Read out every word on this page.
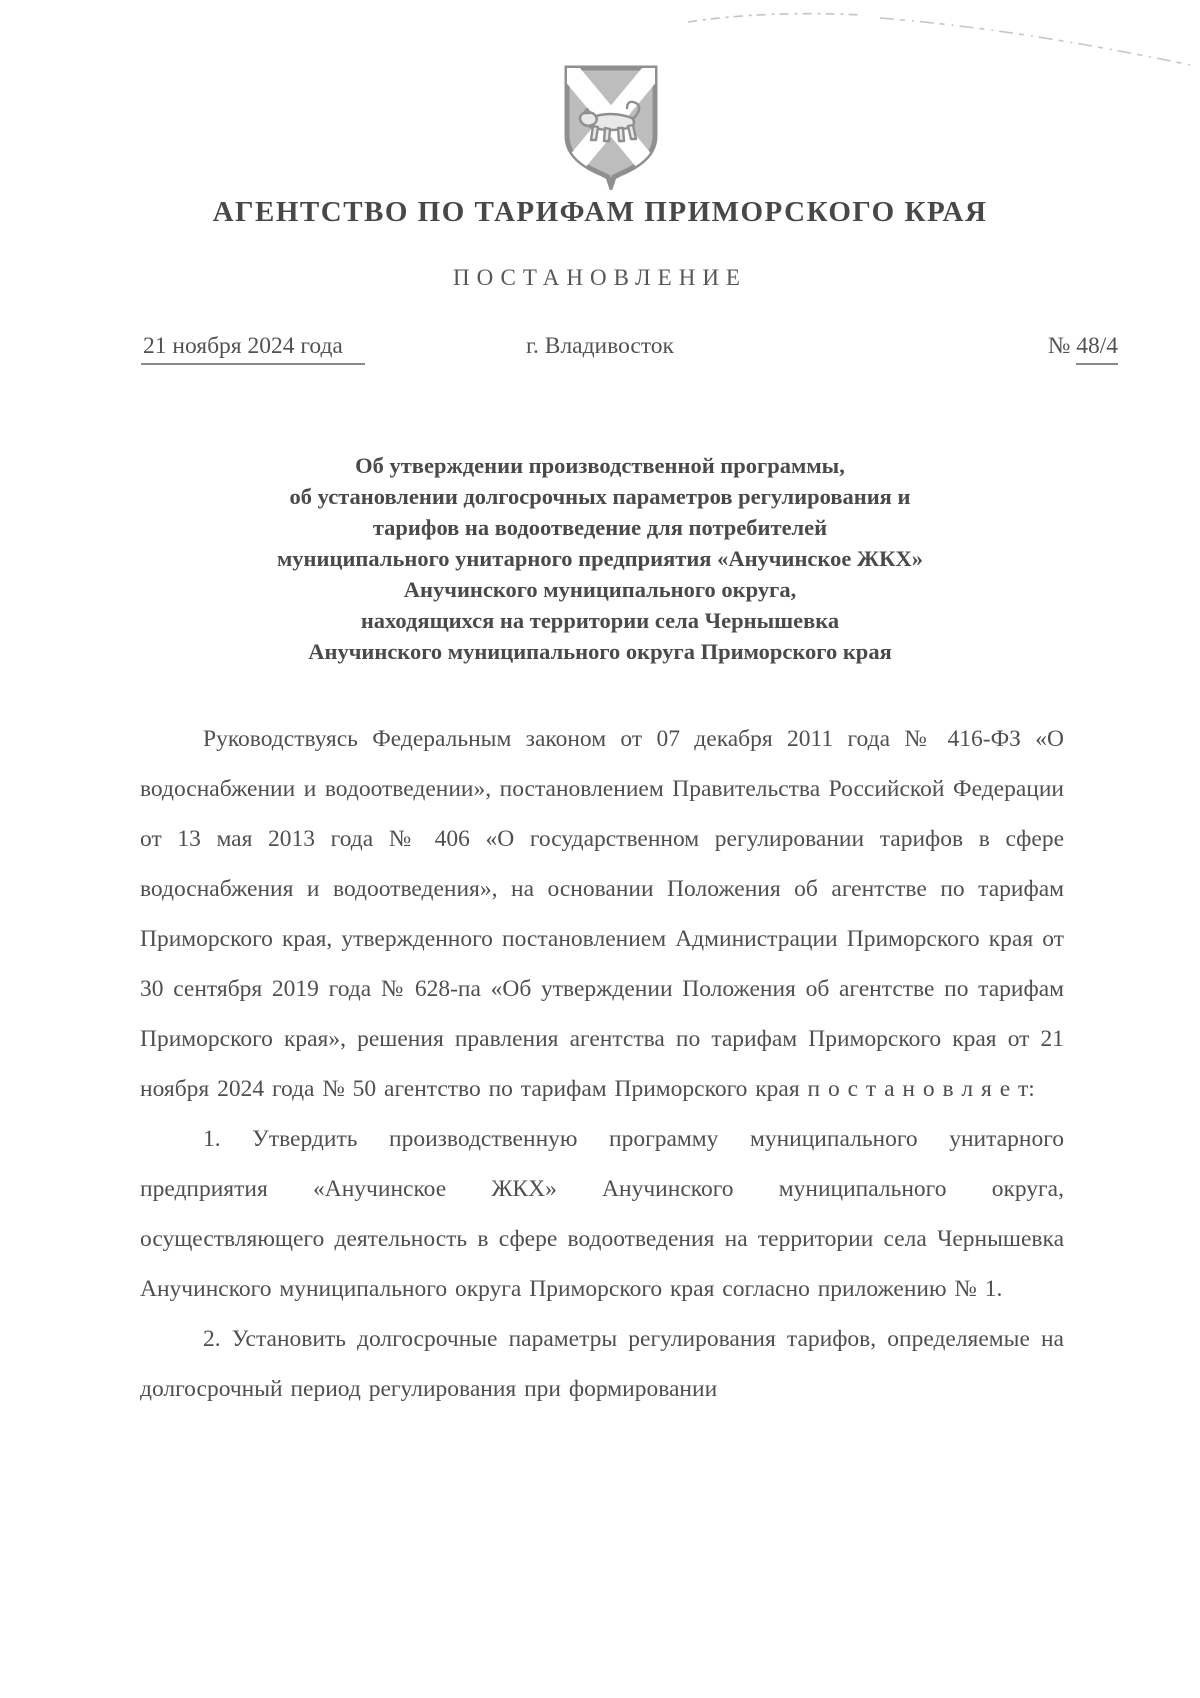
АГЕНТСТВО ПО ТАРИФАМ ПРИМОРСКОГО КРАЯ
ПОСТАНОВЛЕНИЕ
21 ноября 2024 года	г. Владивосток	№ 48/4
Об утверждении производственной программы,
об установлении долгосрочных параметров регулирования и
тарифов на водоотведение для потребителей
муниципального унитарного предприятия «Анучинское ЖКХ»
Анучинского муниципального округа,
находящихся на территории села Чернышевка
Анучинского муниципального округа Приморского края

Руководствуясь Федеральным законом от 07 декабря 2011 года № 416-ФЗ «О водоснабжении и водоотведении», постановлением Правительства Российской Федерации от 13 мая 2013 года № 406 «О государственном регулировании тарифов в сфере водоснабжения и водоотведения», на основании Положения об агентстве по тарифам Приморского края, утвержденного постановлением Администрации Приморского края от 30 сентября 2019 года № 628-па «Об утверждении Положения об агентстве по тарифам Приморского края», решения правления агентства по тарифам Приморского края от 21 ноября 2024 года № 50 агентство по тарифам Приморского края п о с т а н о в л я е т:

1. Утвердить производственную программу муниципального унитарного предприятия «Анучинское ЖКХ» Анучинского муниципального округа, осуществляющего деятельность в сфере водоотведения на территории села Чернышевка Анучинского муниципального округа Приморского края согласно приложению № 1.

2. Установить долгосрочные параметры регулирования тарифов, определяемые на долгосрочный период регулирования при формировании
